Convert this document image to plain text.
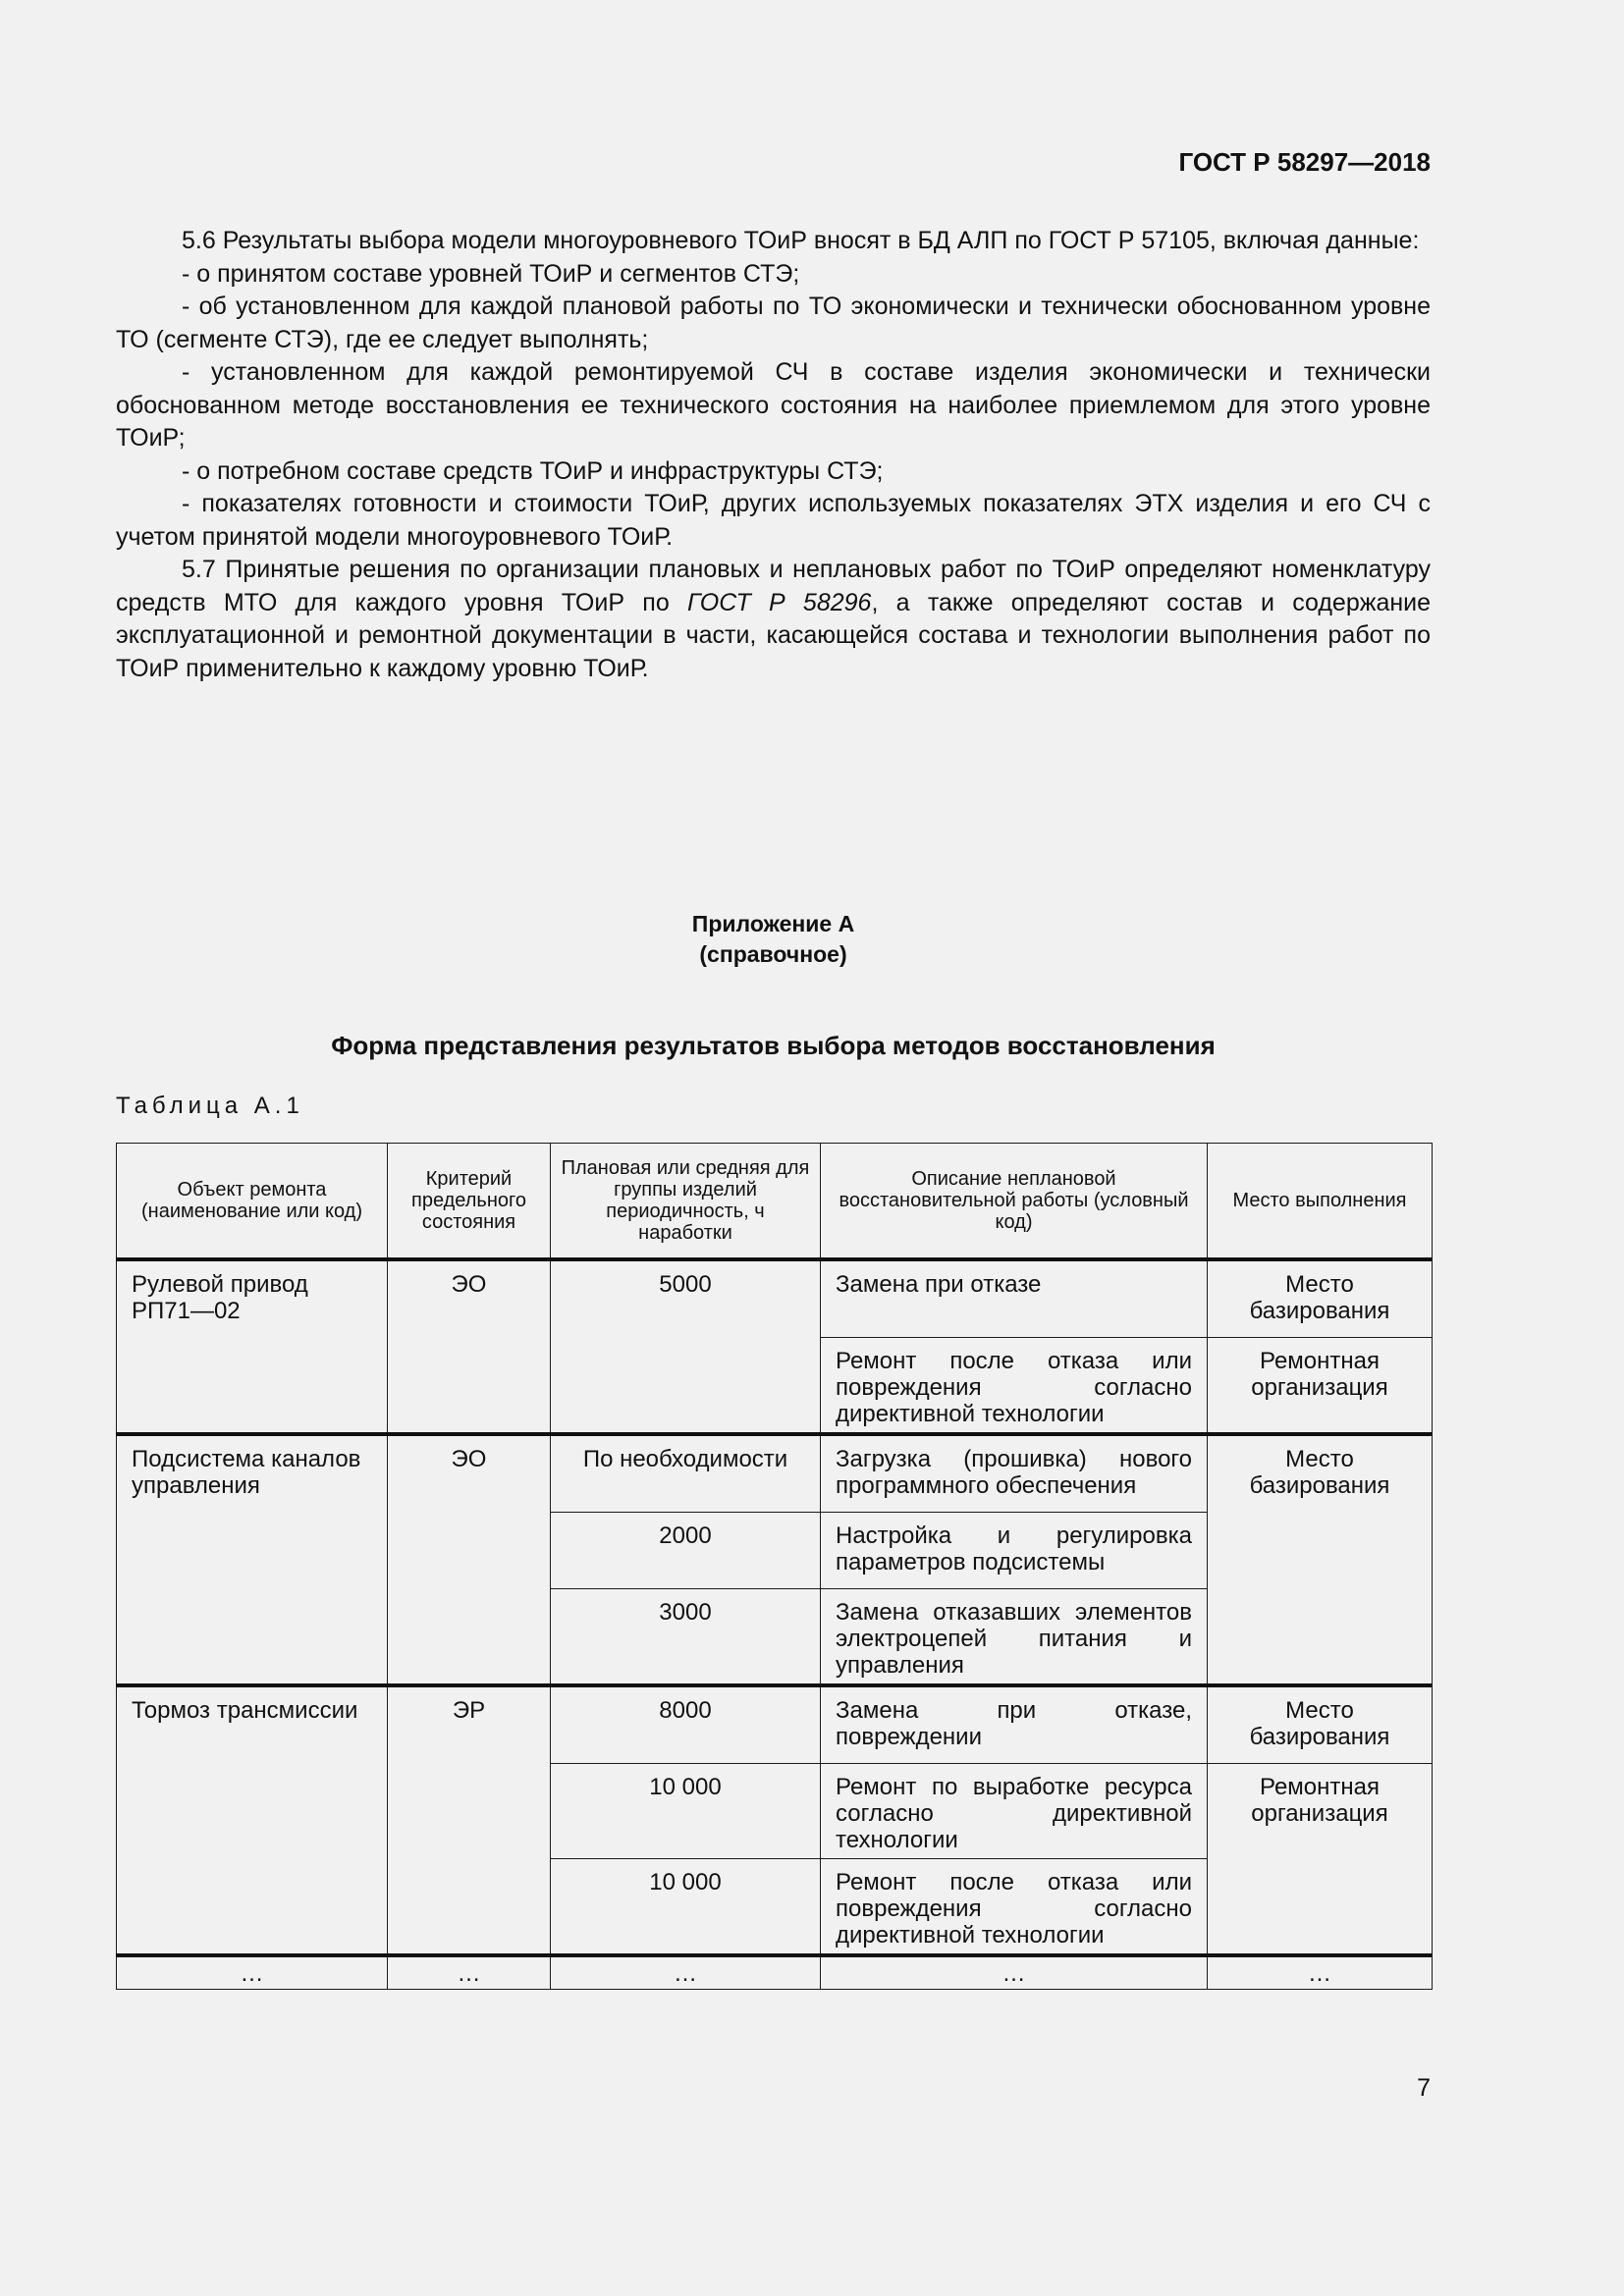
ГОСТ Р 58297—2018

5.6 Результаты выбора модели многоуровневого ТОиР вносят в БД АЛП по ГОСТ Р 57105, включая данные:

- о принятом составе уровней ТОиР и сегментов СТЭ;

- об установленном для каждой плановой работы по ТО экономически и технически обоснованном уровне ТО (сегменте СТЭ), где ее следует выполнять;

- установленном для каждой ремонтируемой СЧ в составе изделия экономически и технически обоснованном методе восстановления ее технического состояния на наиболее приемлемом для этого уровне ТОиР;

- о потребном составе средств ТОиР и инфраструктуры СТЭ;

- показателях готовности и стоимости ТОиР, других используемых показателях ЭТХ изделия и его СЧ с учетом принятой модели многоуровневого ТОиР.

5.7 Принятые решения по организации плановых и неплановых работ по ТОиР определяют номенклатуру средств МТО для каждого уровня ТОиР по ГОСТ Р 58296, а также определяют состав и содержание эксплуатационной и ремонтной документации в части, касающейся состава и технологии выполнения работ по ТОиР применительно к каждому уровню ТОиР.

Приложение А
(справочное)
Форма представления результатов выбора методов восстановления
Таблица А.1
Объект ремонта (наименование или код)	Критерий предельного состояния	Плановая или средняя для группы изделий периодичность, ч наработки	Описание неплановой восстановительной работы (условный код)	Место выполнения
Рулевой привод РП71—02	ЭО	5000	Замена при отказе	Место базирования
			Ремонт после отказа или повреждения согласно директивной технологии	Ремонтная организация
Подсистема каналов управления	ЭО	По необходимости	Загрузка (прошивка) нового программного обеспечения	Место базирования
		2000	Настройка и регулировка параметров подсистемы	
		3000	Замена отказавших элементов электроцепей питания и управления	
Тормоз трансмиссии	ЭР	8000	Замена при отказе, повреждении	Место базирования
		10 000	Ремонт по выработке ресурса согласно директивной технологии	Ремонтная организация
		10 000	Ремонт после отказа или повреждения согласно директивной технологии	
…	…	…	…	…
7
